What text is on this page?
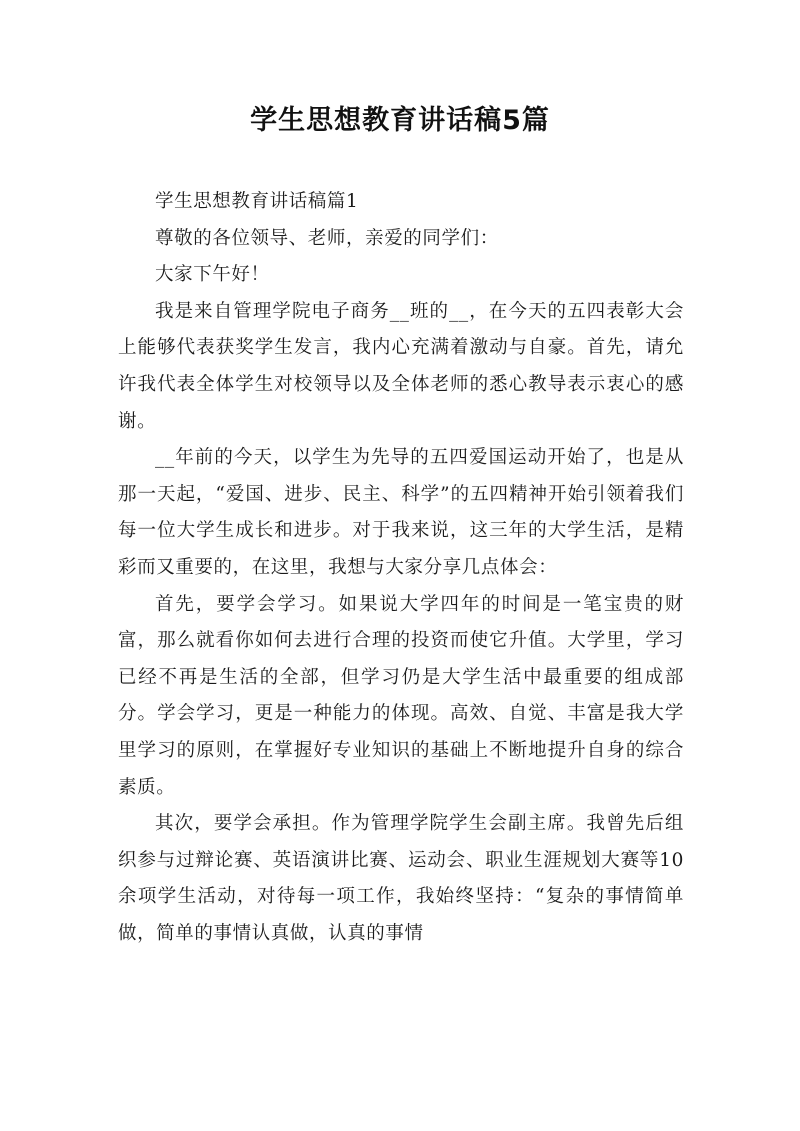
学生思想教育讲话稿5篇

学生思想教育讲话稿篇1

尊敬的各位领导、老师，亲爱的同学们：

大家下午好！

我是来自管理学院电子商务__班的__，在今天的五四表彰大会上能够代表获奖学生发言，我内心充满着激动与自豪。首先，请允许我代表全体学生对校领导以及全体老师的悉心教导表示衷心的感谢。

__年前的今天，以学生为先导的五四爱国运动开始了，也是从那一天起，“爱国、进步、民主、科学”的五四精神开始引领着我们每一位大学生成长和进步。对于我来说，这三年的大学生活，是精彩而又重要的，在这里，我想与大家分享几点体会：

首先，要学会学习。如果说大学四年的时间是一笔宝贵的财富，那么就看你如何去进行合理的投资而使它升值。大学里，学习已经不再是生活的全部，但学习仍是大学生活中最重要的组成部分。学会学习，更是一种能力的体现。高效、自觉、丰富是我大学里学习的原则，在掌握好专业知识的基础上不断地提升自身的综合素质。

其次，要学会承担。作为管理学院学生会副主席。我曾先后组织参与过辩论赛、英语演讲比赛、运动会、职业生涯规划大赛等10余项学生活动，对待每一项工作，我始终坚持：“复杂的事情简单做，简单的事情认真做，认真的事情
